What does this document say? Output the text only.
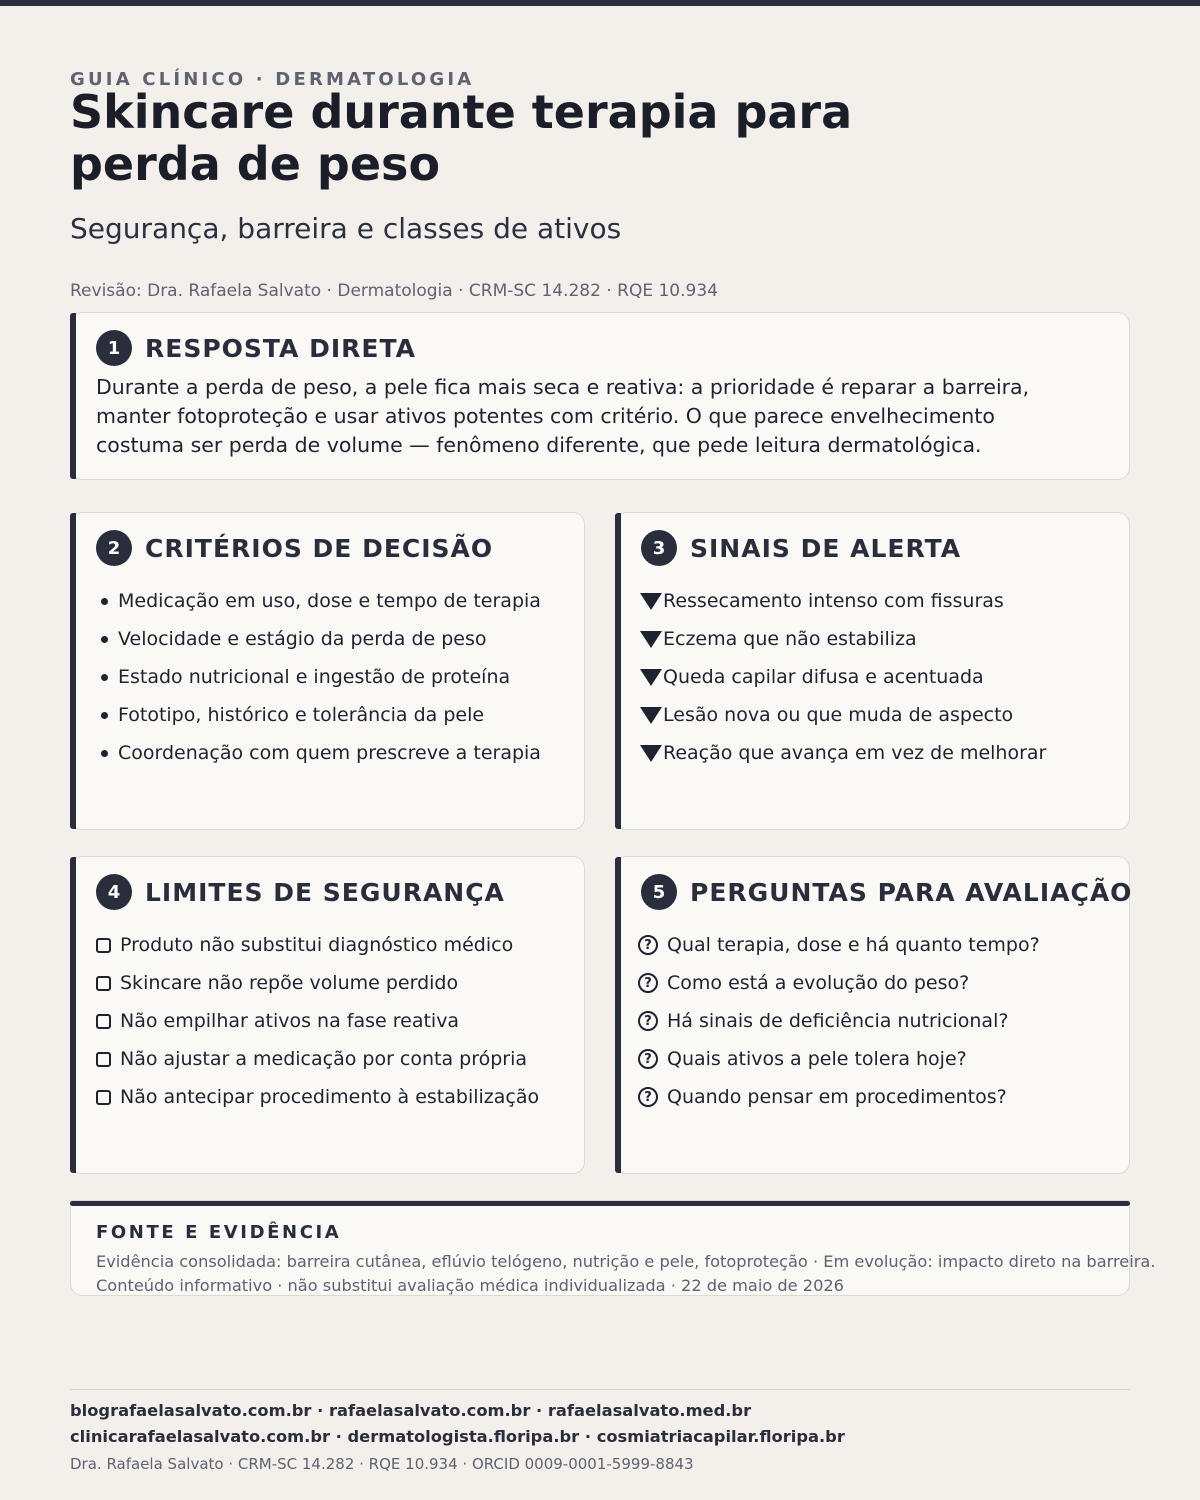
GUIA CLÍNICO · DERMATOLOGIA
Skincare durante terapia para perda de peso
Segurança, barreira e classes de ativos
Revisão: Dra. Rafaela Salvato · Dermatologia · CRM-SC 14.282 · RQE 10.934
1 RESPOSTA DIRETA

Durante a perda de peso, a pele fica mais seca e reativa: a prioridade é reparar a barreira, manter fotoproteção e usar ativos potentes com critério. O que parece envelhecimento costuma ser perda de volume — fenômeno diferente, que pede leitura dermatológica.

2 CRITÉRIOS DE DECISÃO
Medicação em uso, dose e tempo de terapia
Velocidade e estágio da perda de peso
Estado nutricional e ingestão de proteína
Fototipo, histórico e tolerância da pele
Coordenação com quem prescreve a terapia
3 SINAIS DE ALERTA
Ressecamento intenso com fissuras
Eczema que não estabiliza
Queda capilar difusa e acentuada
Lesão nova ou que muda de aspecto
Reação que avança em vez de melhorar
4 LIMITES DE SEGURANÇA
Produto não substitui diagnóstico médico
Skincare não repõe volume perdido
Não empilhar ativos na fase reativa
Não ajustar a medicação por conta própria
Não antecipar procedimento à estabilização
5 PERGUNTAS PARA AVALIAÇÃO
? Qual terapia, dose e há quanto tempo?
? Como está a evolução do peso?
? Há sinais de deficiência nutricional?
? Quais ativos a pele tolera hoje?
? Quando pensar em procedimentos?
FONTE E EVIDÊNCIA
Evidência consolidada: barreira cutânea, eflúvio telógeno, nutrição e pele, fotoproteção · Em evolução: impacto direto na barreira.
Conteúdo informativo · não substitui avaliação médica individualizada · 22 de maio de 2026
blografaelasalvato.com.br · rafaelasalvato.com.br · rafaelasalvato.med.br
clinicarafaelasalvato.com.br · dermatologista.floripa.br · cosmiatriacapilar.floripa.br
Dra. Rafaela Salvato · CRM-SC 14.282 · RQE 10.934 · ORCID 0009-0001-5999-8843
